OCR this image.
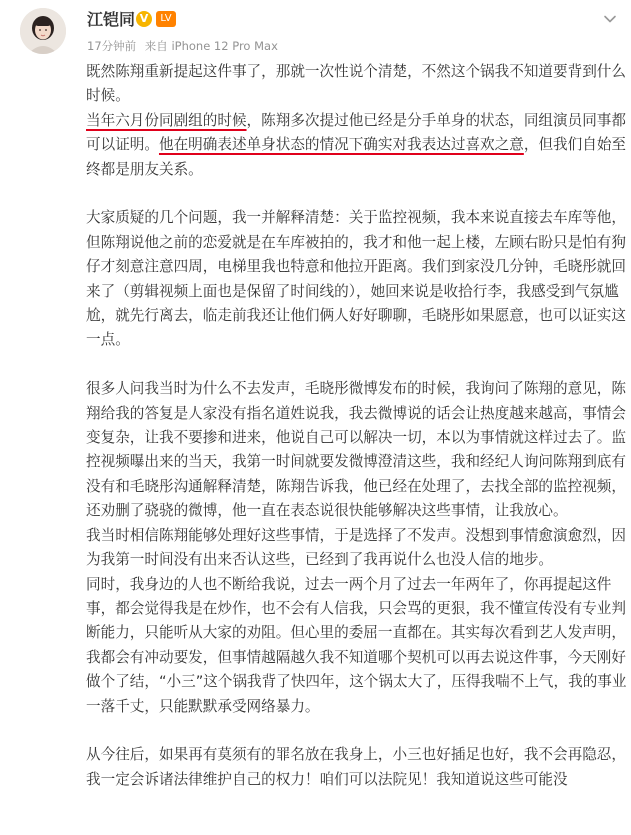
江铠同 V	LV
17分钟前 来自 iPhone 12 Pro Max

既然陈翔重新提起这件事了，那就一次性说个清楚，不然这个锅我不知道要背到什么时候。

当年六月份同剧组的时候，陈翔多次提过他已经是分手单身的状态，同组演员同事都可以证明。他在明确表述单身状态的情况下确实对我表达过喜欢之意，但我们自始至终都是朋友关系。

大家质疑的几个问题，我一并解释清楚：关于监控视频，我本来说直接去车库等他，但陈翔说他之前的恋爱就是在车库被拍的，我才和他一起上楼，左顾右盼只是怕有狗仔才刻意注意四周，电梯里我也特意和他拉开距离。我们到家没几分钟，毛晓彤就回来了（剪辑视频上面也是保留了时间线的），她回来说是收拾行李，我感受到气氛尴尬，就先行离去，临走前我还让他们俩人好好聊聊，毛晓彤如果愿意，也可以证实这一点。

很多人问我当时为什么不去发声，毛晓彤微博发布的时候，我询问了陈翔的意见，陈翔给我的答复是人家没有指名道姓说我，我去微博说的话会让热度越来越高，事情会变复杂，让我不要掺和进来，他说自己可以解决一切，本以为事情就这样过去了。监控视频曝出来的当天，我第一时间就要发微博澄清这些，我和经纪人询问陈翔到底有没有和毛晓彤沟通解释清楚，陈翔告诉我，他已经在处理了，去找全部的监控视频，还劝删了骁骁的微博，他一直在表态说很快能够解决这些事情，让我放心。

我当时相信陈翔能够处理好这些事情，于是选择了不发声。没想到事情愈演愈烈，因为我第一时间没有出来否认这些，已经到了我再说什么也没人信的地步。

同时，我身边的人也不断给我说，过去一两个月了过去一年两年了，你再提起这件事，都会觉得我是在炒作，也不会有人信我，只会骂的更狠，我不懂宣传没有专业判断能力，只能听从大家的劝阻。但心里的委屈一直都在。其实每次看到艺人发声明，我都会有冲动要发，但事情越隔越久我不知道哪个契机可以再去说这件事，今天刚好做个了结，“小三”这个锅我背了快四年，这个锅太大了，压得我喘不上气，我的事业一落千丈，只能默默承受网络暴力。

从今往后，如果再有莫须有的罪名放在我身上，小三也好插足也好，我不会再隐忍，我一定会诉诸法律维护自己的权力！咱们可以法院见！我知道说这些可能没
